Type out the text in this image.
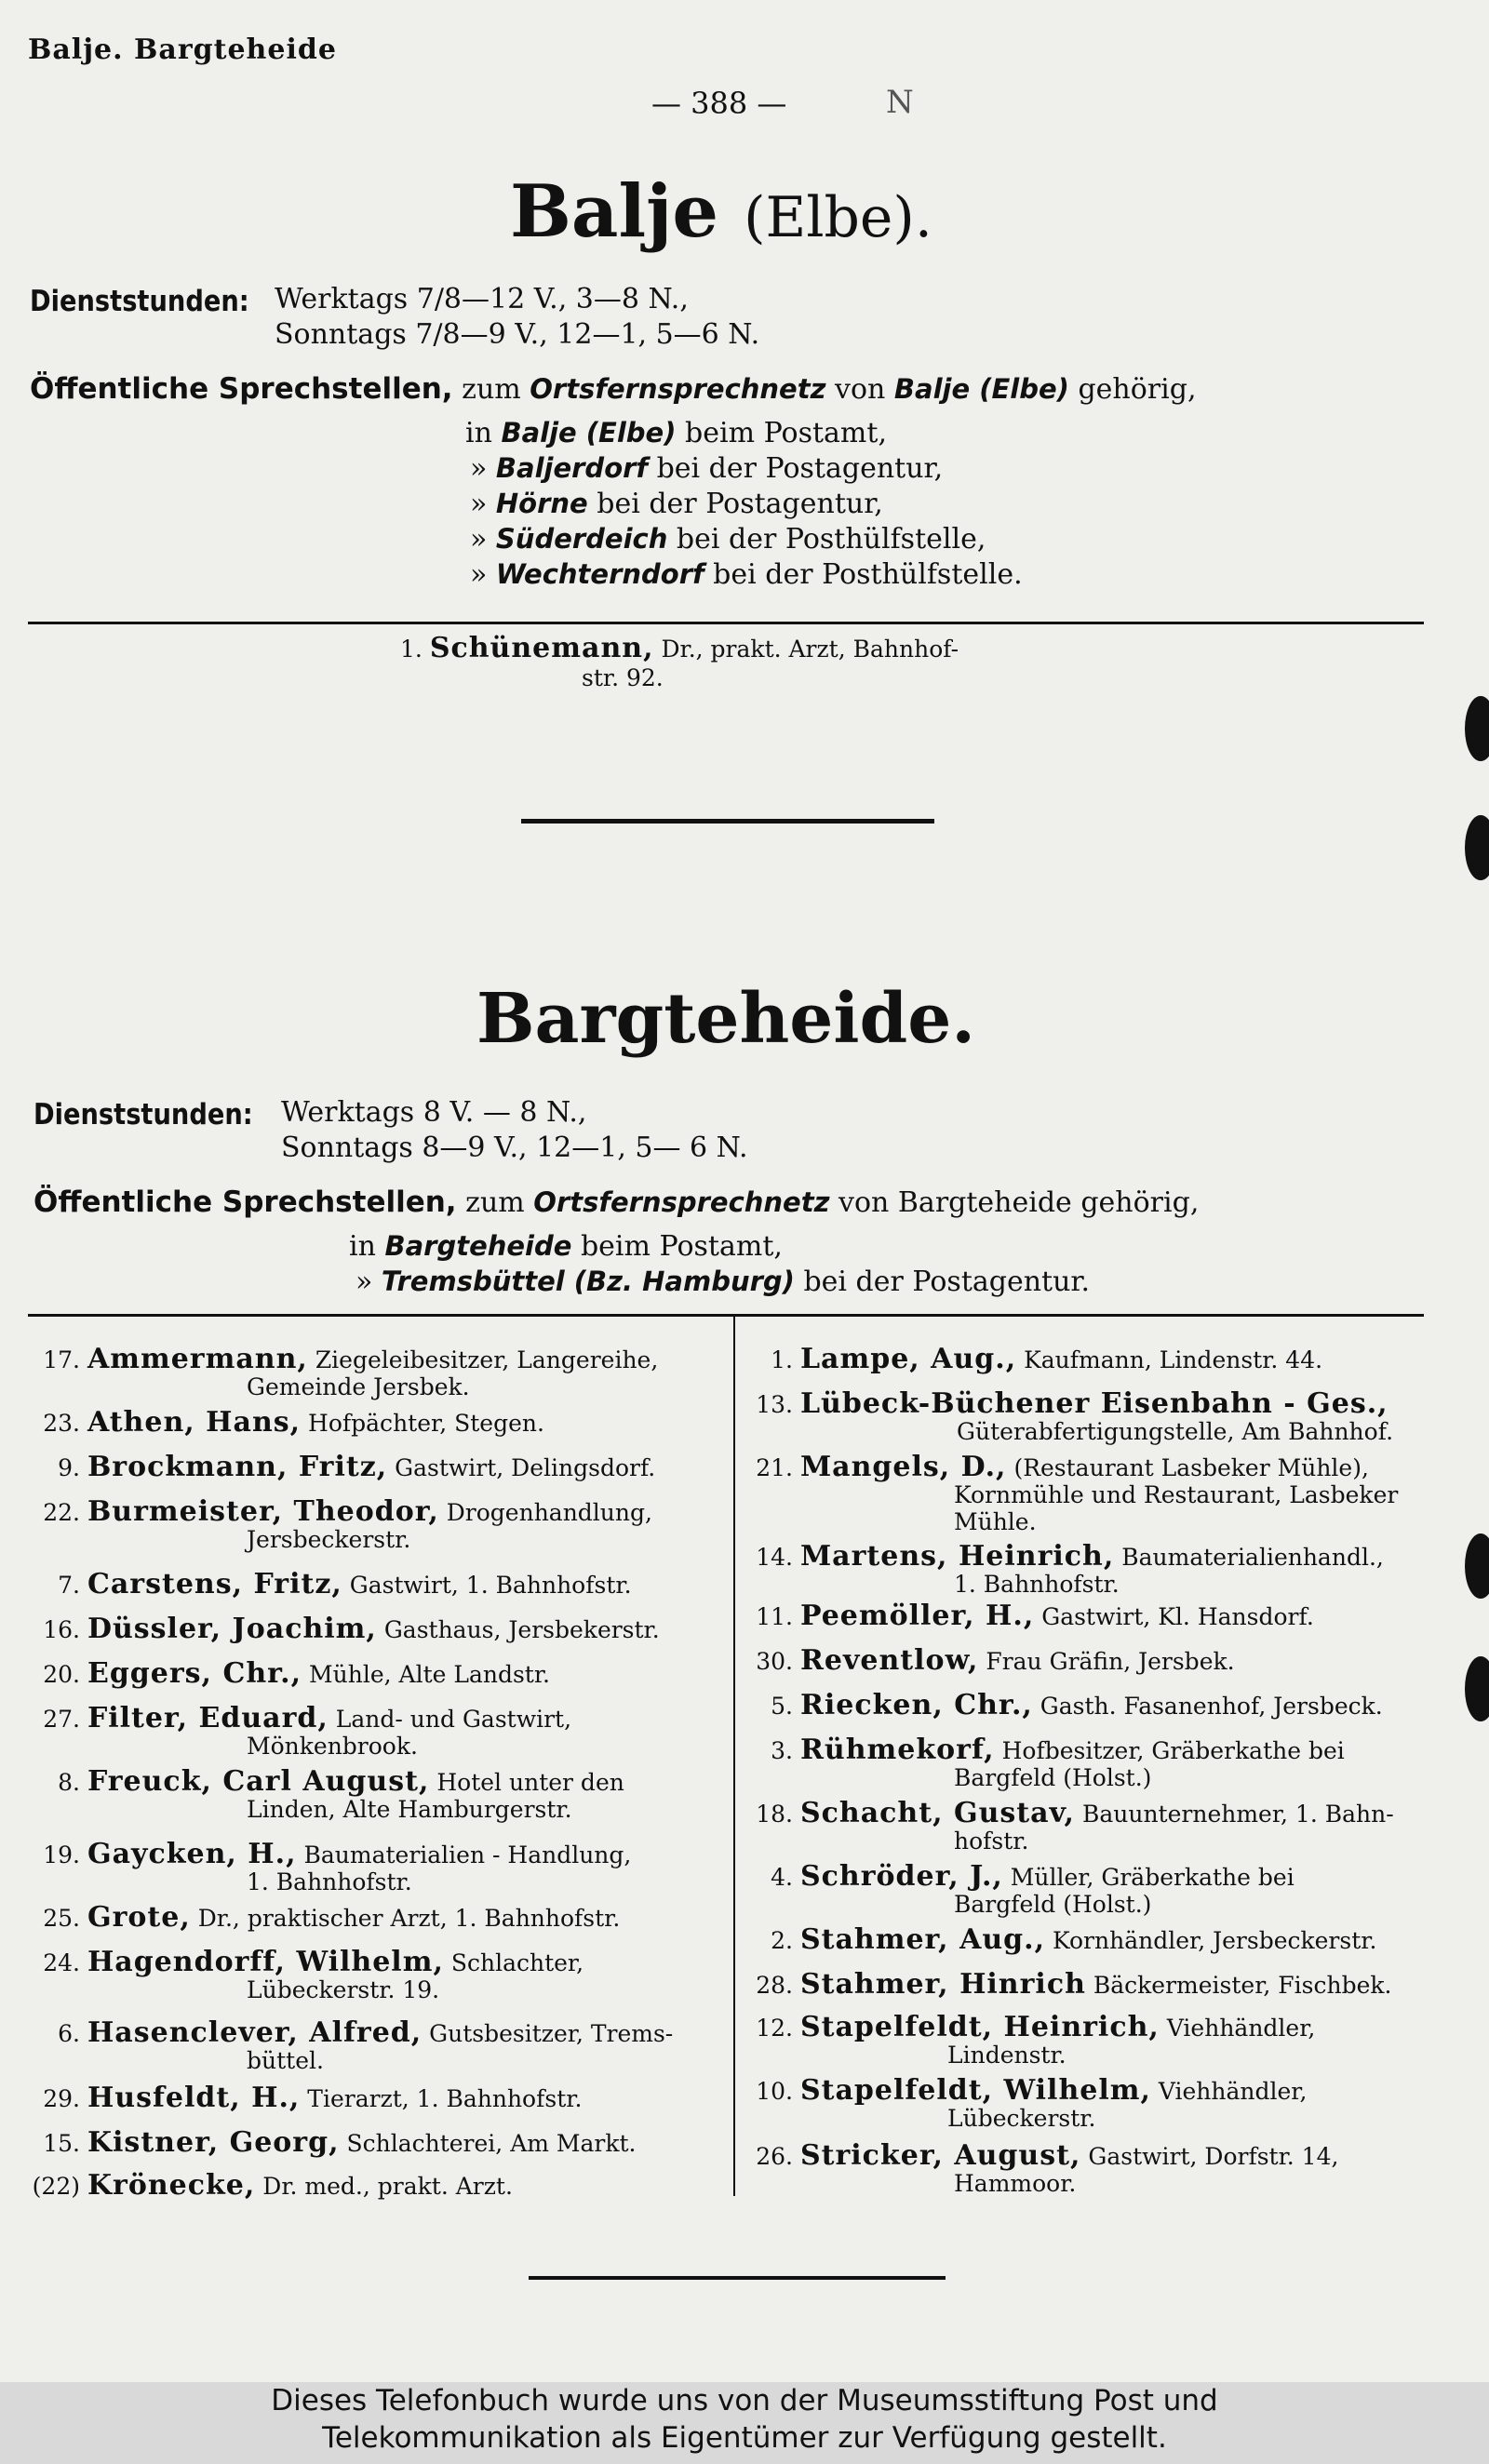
Balje. Bargteheide
— 388 —	N
Balje (Elbe).
Dienststunden: Werktags 7/8—12 V., 3—8 N.,
Sonntags 7/8—9 V., 12—1, 5—6 N.
Öffentliche Sprechstellen, zum Ortsfernsprechnetz von Balje (Elbe) gehörig,
in Balje (Elbe) beim Postamt,
» Baljerdorf bei der Postagentur,
» Hörne bei der Postagentur,
» Süderdeich bei der Posthülfstelle,
» Wechterndorf bei der Posthülfstelle.
1. Schünemann, Dr., prakt. Arzt, Bahnhof-
str. 92.
Bargteheide.
Dienststunden: Werktags 8 V. — 8 N.,
Sonntags 8—9 V., 12—1, 5— 6 N.
Öffentliche Sprechstellen, zum Ortsfernsprechnetz von Bargteheide gehörig,
in Bargteheide beim Postamt,
» Tremsbüttel (Bz. Hamburg) bei der Postagentur.
17. Ammermann, Ziegeleibesitzer, Langereihe,
Gemeinde Jersbek.
23. Athen, Hans, Hofpächter, Stegen.
9. Brockmann, Fritz, Gastwirt, Delingsdorf.
22. Burmeister, Theodor, Drogenhandlung,
Jersbeckerstr.
7. Carstens, Fritz, Gastwirt, 1. Bahnhofstr.
16. Düssler, Joachim, Gasthaus, Jersbekerstr.
20. Eggers, Chr., Mühle, Alte Landstr.
27. Filter, Eduard, Land- und Gastwirt,
Mönkenbrook.
8. Freuck, Carl August, Hotel unter den
Linden, Alte Hamburgerstr.
19. Gaycken, H., Baumaterialien - Handlung,
1. Bahnhofstr.
25. Grote, Dr., praktischer Arzt, 1. Bahnhofstr.
24. Hagendorff, Wilhelm, Schlachter,
Lübeckerstr. 19.
6. Hasenclever, Alfred, Gutsbesitzer, Trems-
büttel.
29. Husfeldt, H., Tierarzt, 1. Bahnhofstr.
15. Kistner, Georg, Schlachterei, Am Markt.
(22) Krönecke, Dr. med., prakt. Arzt.
1. Lampe, Aug., Kaufmann, Lindenstr. 44.
13. Lübeck-Büchener Eisenbahn - Ges.,
Güterabfertigungstelle, Am Bahnhof.
21. Mangels, D., (Restaurant Lasbeker Mühle),
Kornmühle und Restaurant, Lasbeker
Mühle.
14. Martens, Heinrich, Baumaterialienhandl.,
1. Bahnhofstr.
11. Peemöller, H., Gastwirt, Kl. Hansdorf.
30. Reventlow, Frau Gräfin, Jersbek.
5. Riecken, Chr., Gasth. Fasanenhof, Jersbeck.
3. Rühmekorf, Hofbesitzer, Gräberkathe bei
Bargfeld (Holst.)
18. Schacht, Gustav, Bauunternehmer, 1. Bahn-
hofstr.
4. Schröder, J., Müller, Gräberkathe bei
Bargfeld (Holst.)
2. Stahmer, Aug., Kornhändler, Jersbeckerstr.
28. Stahmer, Hinrich Bäckermeister, Fischbek.
12. Stapelfeldt, Heinrich, Viehhändler,
Lindenstr.
10. Stapelfeldt, Wilhelm, Viehhändler,
Lübeckerstr.
26. Stricker, August, Gastwirt, Dorfstr. 14,
Hammoor.
Dieses Telefonbuch wurde uns von der Museumsstiftung Post und
Telekommunikation als Eigentümer zur Verfügung gestellt.
